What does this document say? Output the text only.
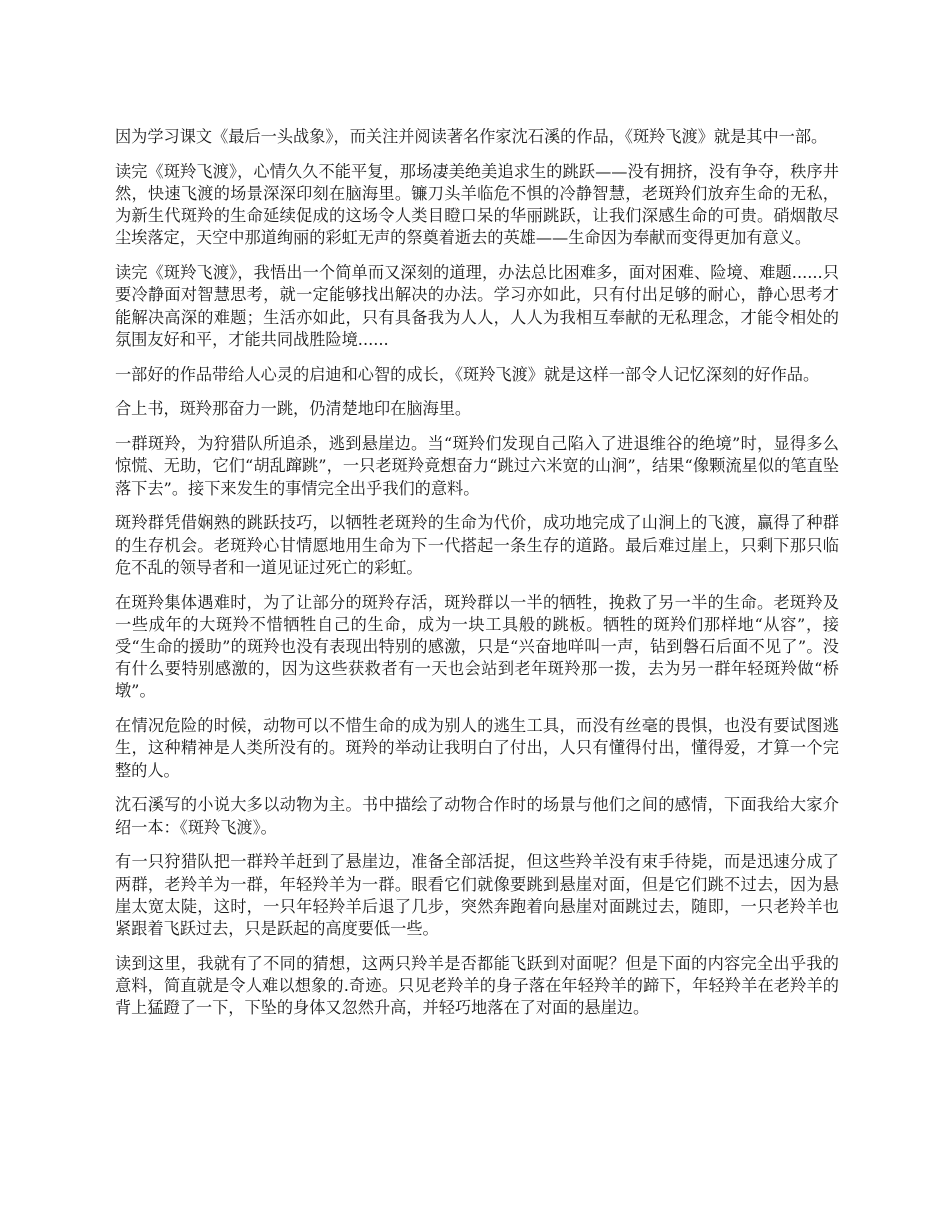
因为学习课文《最后一头战象》，而关注并阅读著名作家沈石溪的作品，《斑羚飞渡》就是其中一部。

读完《斑羚飞渡》，心情久久不能平复，那场凄美绝美追求生的跳跃——没有拥挤，没有争夺，秩序井然，快速飞渡的场景深深印刻在脑海里。镰刀头羊临危不惧的冷静智慧，老斑羚们放弃生命的无私，为新生代斑羚的生命延续促成的这场令人类目瞪口呆的华丽跳跃，让我们深感生命的可贵。硝烟散尽尘埃落定，天空中那道绚丽的彩虹无声的祭奠着逝去的英雄——生命因为奉献而变得更加有意义。

读完《斑羚飞渡》，我悟出一个简单而又深刻的道理，办法总比困难多，面对困难、险境、难题......只要冷静面对智慧思考，就一定能够找出解决的办法。学习亦如此，只有付出足够的耐心，静心思考才能解决高深的难题；生活亦如此，只有具备我为人人，人人为我相互奉献的无私理念，才能令相处的氛围友好和平，才能共同战胜险境......

一部好的作品带给人心灵的启迪和心智的成长，《斑羚飞渡》就是这样一部令人记忆深刻的好作品。

合上书，斑羚那奋力一跳，仍清楚地印在脑海里。

一群斑羚，为狩猎队所追杀，逃到悬崖边。当“斑羚们发现自己陷入了进退维谷的绝境”时，显得多么惊慌、无助，它们“胡乱蹿跳”，一只老斑羚竟想奋力“跳过六米宽的山涧”，结果“像颗流星似的笔直坠落下去”。接下来发生的事情完全出乎我们的意料。

斑羚群凭借娴熟的跳跃技巧，以牺牲老斑羚的生命为代价，成功地完成了山涧上的飞渡，赢得了种群的生存机会。老斑羚心甘情愿地用生命为下一代搭起一条生存的道路。最后难过崖上，只剩下那只临危不乱的领导者和一道见证过死亡的彩虹。

在斑羚集体遇难时，为了让部分的斑羚存活，斑羚群以一半的牺牲，挽救了另一半的生命。老斑羚及一些成年的大斑羚不惜牺牲自己的生命，成为一块工具般的跳板。牺牲的斑羚们那样地“从容”，接受“生命的援助”的斑羚也没有表现出特别的感激，只是“兴奋地咩叫一声，钻到磐石后面不见了”。没有什么要特别感激的，因为这些获救者有一天也会站到老年斑羚那一拨，去为另一群年轻斑羚做“桥墩”。

在情况危险的时候，动物可以不惜生命的成为别人的逃生工具，而没有丝毫的畏惧，也没有要试图逃生，这种精神是人类所没有的。斑羚的举动让我明白了付出，人只有懂得付出，懂得爱，才算一个完整的人。

沈石溪写的小说大多以动物为主。书中描绘了动物合作时的场景与他们之间的感情，下面我给大家介绍一本：《斑羚飞渡》。

有一只狩猎队把一群羚羊赶到了悬崖边，准备全部活捉，但这些羚羊没有束手待毙，而是迅速分成了两群，老羚羊为一群，年轻羚羊为一群。眼看它们就像要跳到悬崖对面，但是它们跳不过去，因为悬崖太宽太陡，这时，一只年轻羚羊后退了几步，突然奔跑着向悬崖对面跳过去，随即，一只老羚羊也紧跟着飞跃过去，只是跃起的高度要低一些。

读到这里，我就有了不同的猜想，这两只羚羊是否都能飞跃到对面呢？但是下面的内容完全出乎我的意料，简直就是令人难以想象的.奇迹。只见老羚羊的身子落在年轻羚羊的蹄下，年轻羚羊在老羚羊的背上猛蹬了一下，下坠的身体又忽然升高，并轻巧地落在了对面的悬崖边。
